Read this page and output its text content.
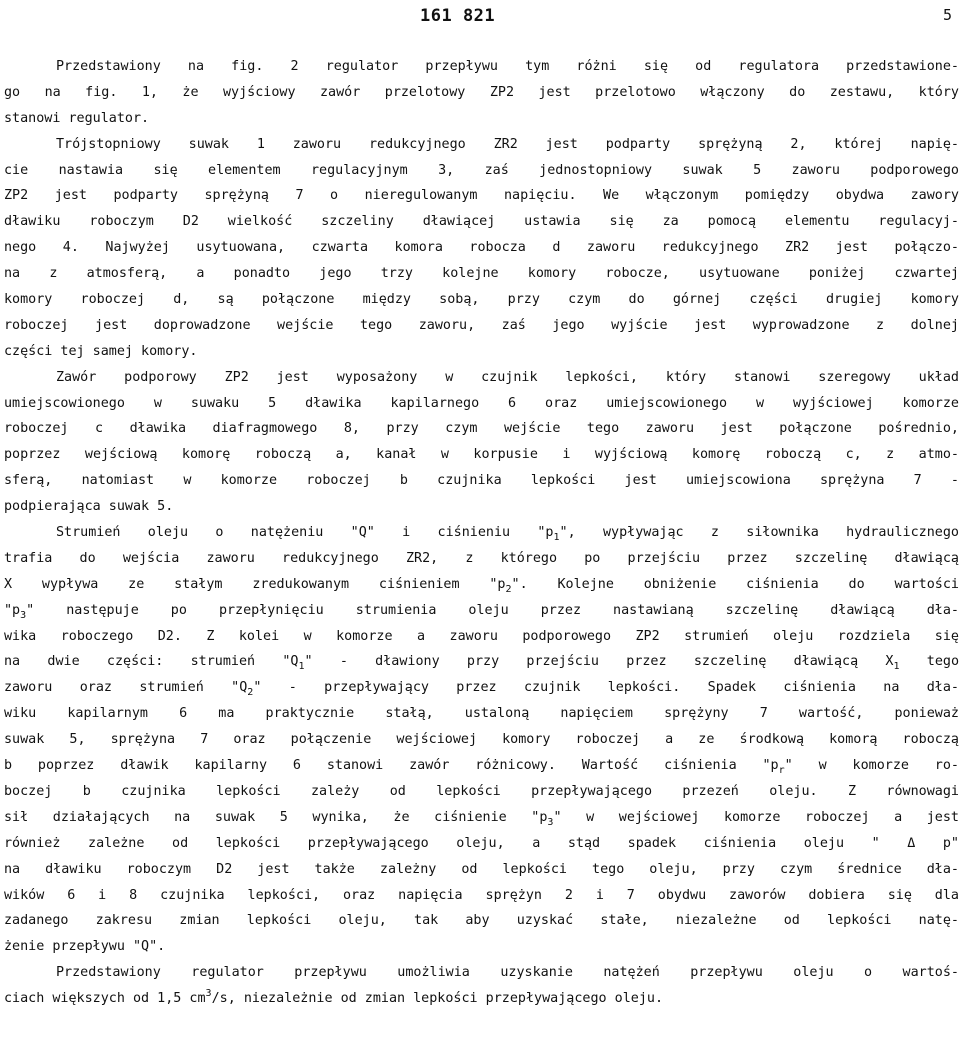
161 821	5
Przedstawiony na fig. 2 regulator przepływu tym różni się od regulatora przedstawione-
go na fig. 1, że wyjściowy zawór przelotowy ZP2 jest przelotowo włączony do zestawu, który
stanowi regulator.
Trójstopniowy suwak 1 zaworu redukcyjnego ZR2 jest podparty sprężyną 2, której napię-
cie nastawia się elementem regulacyjnym 3, zaś jednostopniowy suwak 5 zaworu podporowego
ZP2 jest podparty sprężyną 7 o nieregulowanym napięciu. We włączonym pomiędzy obydwa zawory
dławiku roboczym D2 wielkość szczeliny dławiącej ustawia się za pomocą elementu regulacyj-
nego 4. Najwyżej usytuowana, czwarta komora robocza d zaworu redukcyjnego ZR2 jest połączo-
na z atmosferą, a ponadto jego trzy kolejne komory robocze, usytuowane poniżej czwartej
komory roboczej d, są połączone między sobą, przy czym do górnej części drugiej komory
roboczej jest doprowadzone wejście tego zaworu, zaś jego wyjście jest wyprowadzone z dolnej
części tej samej komory.
Zawór podporowy ZP2 jest wyposażony w czujnik lepkości, który stanowi szeregowy układ
umiejscowionego w suwaku 5 dławika kapilarnego 6 oraz umiejscowionego w wyjściowej komorze
roboczej c dławika diafragmowego 8, przy czym wejście tego zaworu jest połączone pośrednio,
poprzez wejściową komorę roboczą a, kanał w korpusie i wyjściową komorę roboczą c, z atmo-
sferą, natomiast w komorze roboczej b czujnika lepkości jest umiejscowiona sprężyna 7 -
podpierająca suwak 5.
Strumień oleju o natężeniu "Q" i ciśnieniu "$p_1$", wypływając z siłownika hydraulicznego
trafia do wejścia zaworu redukcyjnego ZR2, z którego po przejściu przez szczelinę dławiącą
X wypływa ze stałym zredukowanym ciśnieniem "$p_2$". Kolejne obniżenie ciśnienia do wartości
"$p_3$" następuje po przepłynięciu strumienia oleju przez nastawianą szczelinę dławiącą dła-
wika roboczego D2. Z kolei w komorze a zaworu podporowego ZP2 strumień oleju rozdziela się
na dwie części: strumień "$Q_1$" - dławiony przy przejściu przez szczelinę dławiącą $X_1$ tego
zaworu oraz strumień "$Q_2$" - przepływający przez czujnik lepkości. Spadek ciśnienia na dła-
wiku kapilarnym 6 ma praktycznie stałą, ustaloną napięciem sprężyny 7 wartość, ponieważ
suwak 5, sprężyna 7 oraz połączenie wejściowej komory roboczej a ze środkową komorą roboczą
b poprzez dławik kapilarny 6 stanowi zawór różnicowy. Wartość ciśnienia "$p_r$" w komorze ro-
boczej b czujnika lepkości zależy od lepkości przepływającego przezeń oleju. Z równowagi
sił działających na suwak 5 wynika, że ciśnienie "$p_3$" w wejściowej komorze roboczej a jest
również zależne od lepkości przepływającego oleju, a stąd spadek ciśnienia oleju " Δ p"
na dławiku roboczym D2 jest także zależny od lepkości tego oleju, przy czym średnice dła-
wików 6 i 8 czujnika lepkości, oraz napięcia sprężyn 2 i 7 obydwu zaworów dobiera się dla
zadanego zakresu zmian lepkości oleju, tak aby uzyskać stałe, niezależne od lepkości natę-
żenie przepływu "Q".
Przedstawiony regulator przepływu umożliwia uzyskanie natężeń przepływu oleju o wartoś-
ciach większych od 1,5 $cm^3/s$, niezależnie od zmian lepkości przepływającego oleju.
